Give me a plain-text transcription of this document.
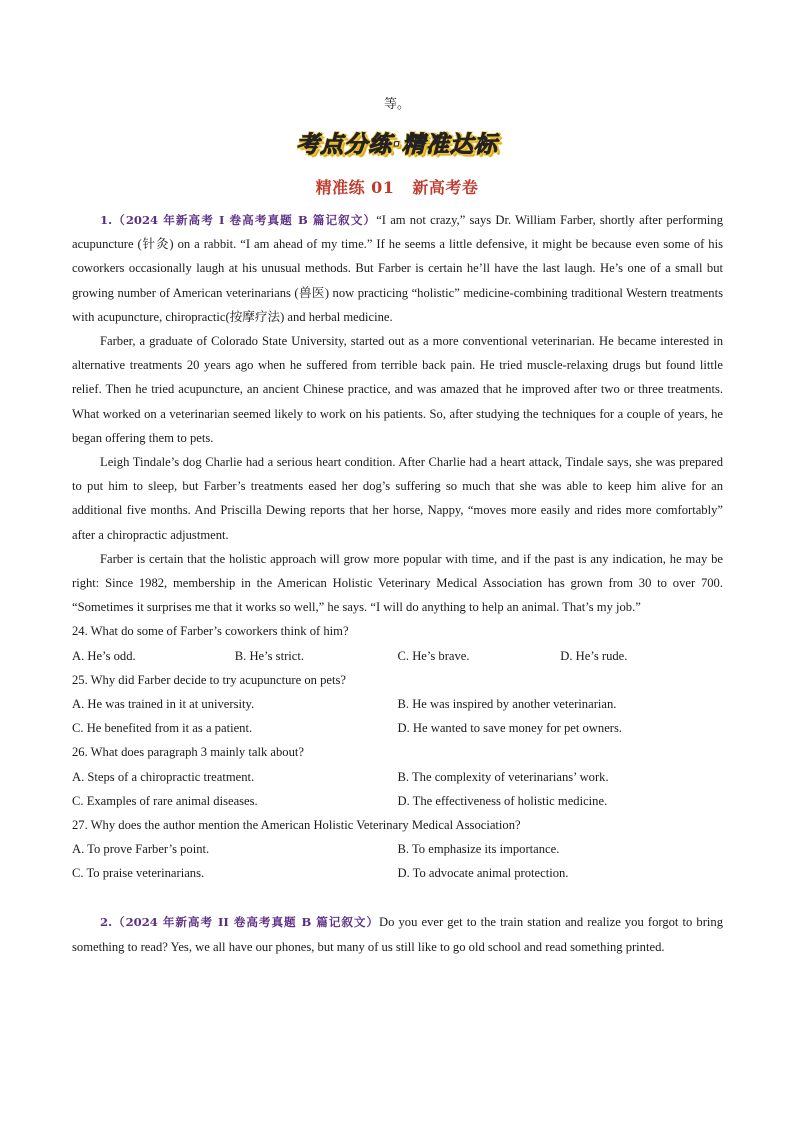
等。
考点分练·精准达标
精准练 01 新高考卷

1.（2024 年新高考 I 卷高考真题 B 篇记叙文）“I am not crazy,” says Dr. William Farber, shortly after performing acupuncture (针灸) on a rabbit. “I am ahead of my time.” If he seems a little defensive, it might be because even some of his coworkers occasionally laugh at his unusual methods. But Farber is certain he’ll have the last laugh. He’s one of a small but growing number of American veterinarians (兽医) now practicing “holistic” medicine-combining traditional Western treatments with acupuncture, chiropractic(按摩疗法) and herbal medicine.

Farber, a graduate of Colorado State University, started out as a more conventional veterinarian. He became interested in alternative treatments 20 years ago when he suffered from terrible back pain. He tried muscle-relaxing drugs but found little relief. Then he tried acupuncture, an ancient Chinese practice, and was amazed that he improved after two or three treatments. What worked on a veterinarian seemed likely to work on his patients. So, after studying the techniques for a couple of years, he began offering them to pets.

Leigh Tindale’s dog Charlie had a serious heart condition. After Charlie had a heart attack, Tindale says, she was prepared to put him to sleep, but Farber’s treatments eased her dog’s suffering so much that she was able to keep him alive for an additional five months. And Priscilla Dewing reports that her horse, Nappy, “moves more easily and rides more comfortably” after a chiropractic adjustment.

Farber is certain that the holistic approach will grow more popular with time, and if the past is any indication, he may be right: Since 1982, membership in the American Holistic Veterinary Medical Association has grown from 30 to over 700. “Sometimes it surprises me that it works so well,” he says. “I will do anything to help an animal. That’s my job.”

24. What do some of Farber’s coworkers think of him?

A. He’s odd.	B. He’s strict.	C. He’s brave.	D. He’s rude.

25. Why did Farber decide to try acupuncture on pets?

A. He was trained in it at university.	B. He was inspired by another veterinarian.
C. He benefited from it as a patient.	D. He wanted to save money for pet owners.

26. What does paragraph 3 mainly talk about?

A. Steps of a chiropractic treatment.	B. The complexity of veterinarians’ work.
C. Examples of rare animal diseases.	D. The effectiveness of holistic medicine.

27. Why does the author mention the American Holistic Veterinary Medical Association?

A. To prove Farber’s point.	B. To emphasize its importance.
C. To praise veterinarians.	D. To advocate animal protection.

2.（2024 年新高考 II 卷高考真题 B 篇记叙文）Do you ever get to the train station and realize you forgot to bring something to read? Yes, we all have our phones, but many of us still like to go old school and read something printed.
